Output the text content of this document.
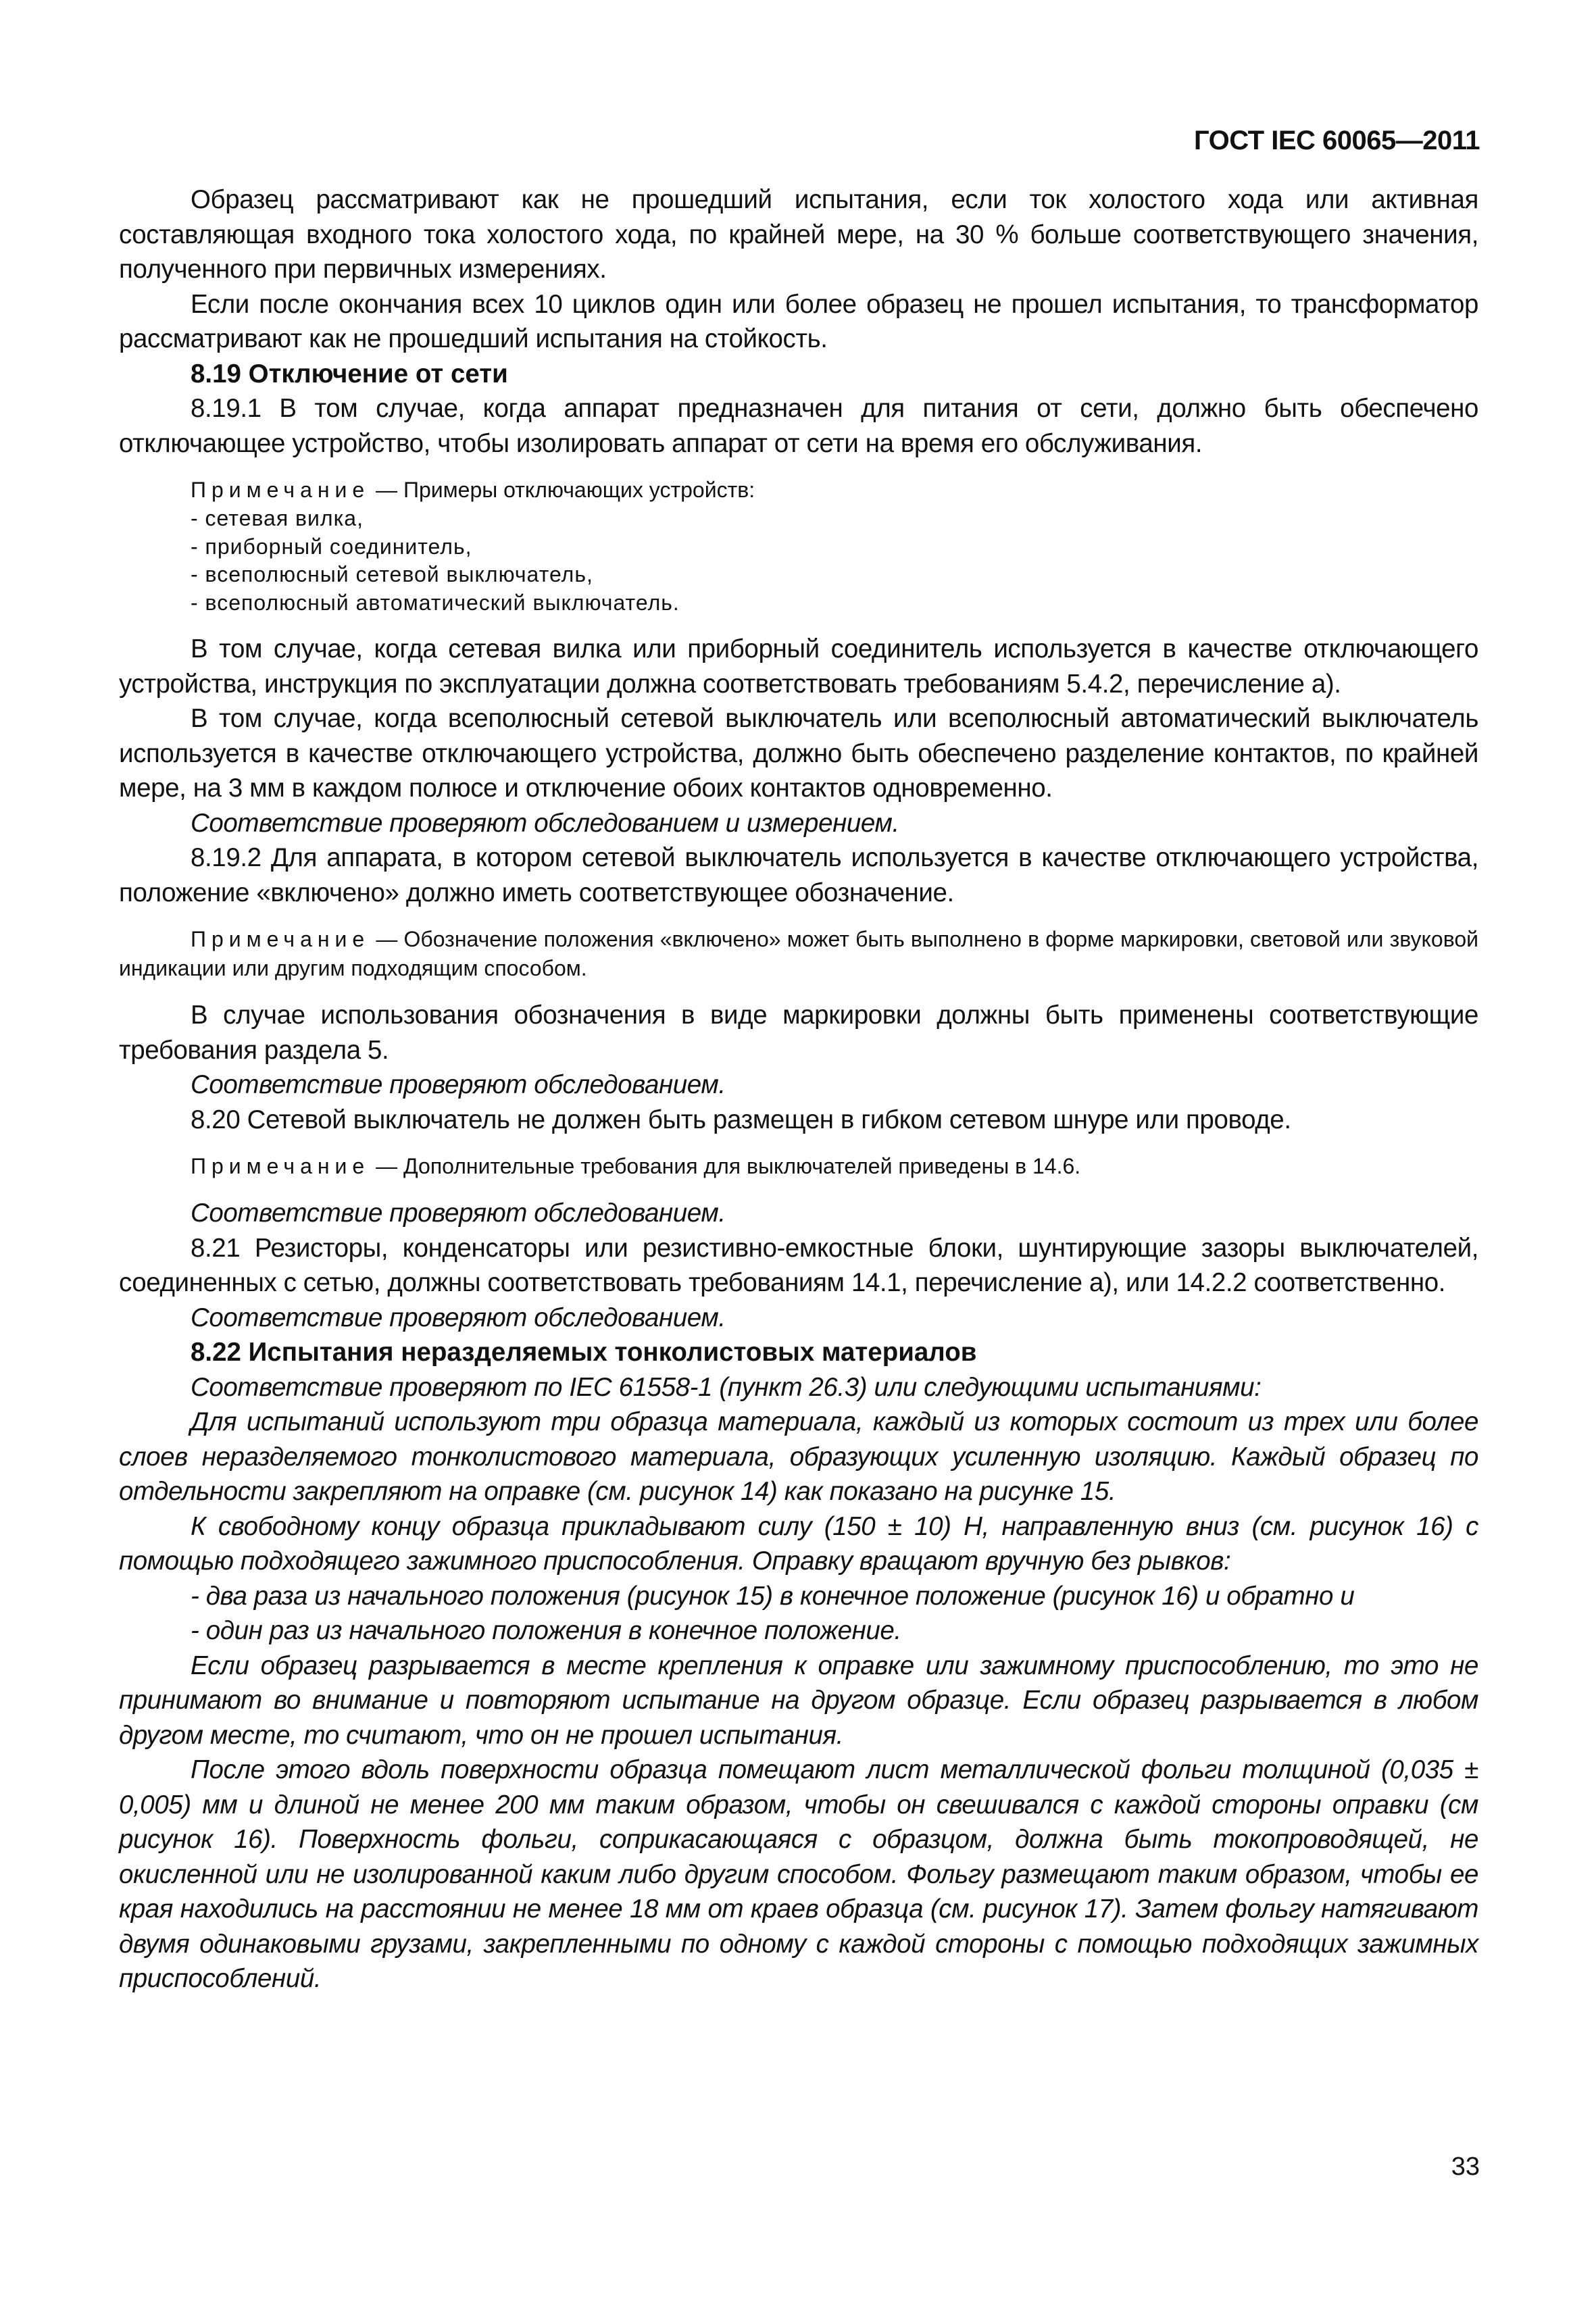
ГОСТ IEC 60065—2011

Образец рассматривают как не прошедший испытания, если ток холостого хода или активная составляющая входного тока холостого хода, по крайней мере, на 30 % больше соответствующего значения, полученного при первичных измерениях.

Если после окончания всех 10 циклов один или более образец не прошел испытания, то трансформатор рассматривают как не прошедший испытания на стойкость.

8.19 Отключение от сети

8.19.1 В том случае, когда аппарат предназначен для питания от сети, должно быть обеспечено отключающее устройство, чтобы изолировать аппарат от сети на время его обслуживания.

Примечание — Примеры отключающих устройств:

- сетевая вилка,

- приборный соединитель,

- всеполюсный сетевой выключатель,

- всеполюсный автоматический выключатель.

В том случае, когда сетевая вилка или приборный соединитель используется в качестве отключающего устройства, инструкция по эксплуатации должна соответствовать требованиям 5.4.2, перечисление а).

В том случае, когда всеполюсный сетевой выключатель или всеполюсный автоматический выключатель используется в качестве отключающего устройства, должно быть обеспечено разделение контактов, по крайней мере, на 3 мм в каждом полюсе и отключение обоих контактов одновременно.

Соответствие проверяют обследованием и измерением.

8.19.2 Для аппарата, в котором сетевой выключатель используется в качестве отключающего устройства, положение «включено» должно иметь соответствующее обозначение.

Примечание — Обозначение положения «включено» может быть выполнено в форме маркировки, световой или звуковой индикации или другим подходящим способом.

В случае использования обозначения в виде маркировки должны быть применены соответствующие требования раздела 5.

Соответствие проверяют обследованием.

8.20 Сетевой выключатель не должен быть размещен в гибком сетевом шнуре или проводе.

Примечание — Дополнительные требования для выключателей приведены в 14.6.

Соответствие проверяют обследованием.

8.21 Резисторы, конденсаторы или резистивно-емкостные блоки, шунтирующие зазоры выключателей, соединенных с сетью, должны соответствовать требованиям 14.1, перечисление а), или 14.2.2 соответственно.

Соответствие проверяют обследованием.

8.22 Испытания неразделяемых тонколистовых материалов

Соответствие проверяют по IEC 61558-1 (пункт 26.3) или следующими испытаниями:

Для испытаний используют три образца материала, каждый из которых состоит из трех или более слоев неразделяемого тонколистового материала, образующих усиленную изоляцию. Каждый образец по отдельности закрепляют на оправке (см. рисунок 14) как показано на рисунке 15.

К свободному концу образца прикладывают силу (150 ± 10) Н, направленную вниз (см. рисунок 16) с помощью подходящего зажимного приспособления. Оправку вращают вручную без рывков:

- два раза из начального положения (рисунок 15) в конечное положение (рисунок 16) и обратно и

- один раз из начального положения в конечное положение.

Если образец разрывается в месте крепления к оправке или зажимному приспособлению, то это не принимают во внимание и повторяют испытание на другом образце. Если образец разрывается в любом другом месте, то считают, что он не прошел испытания.

После этого вдоль поверхности образца помещают лист металлической фольги толщиной (0,035 ± 0,005) мм и длиной не менее 200 мм таким образом, чтобы он свешивался с каждой стороны оправки (см рисунок 16). Поверхность фольги, соприкасающаяся с образцом, должна быть токопроводящей, не окисленной или не изолированной каким либо другим способом. Фольгу размещают таким образом, чтобы ее края находились на расстоянии не менее 18 мм от краев образца (см. рисунок 17). Затем фольгу натягивают двумя одинаковыми грузами, закрепленными по одному с каждой стороны с помощью подходящих зажимных приспособлений.

33
